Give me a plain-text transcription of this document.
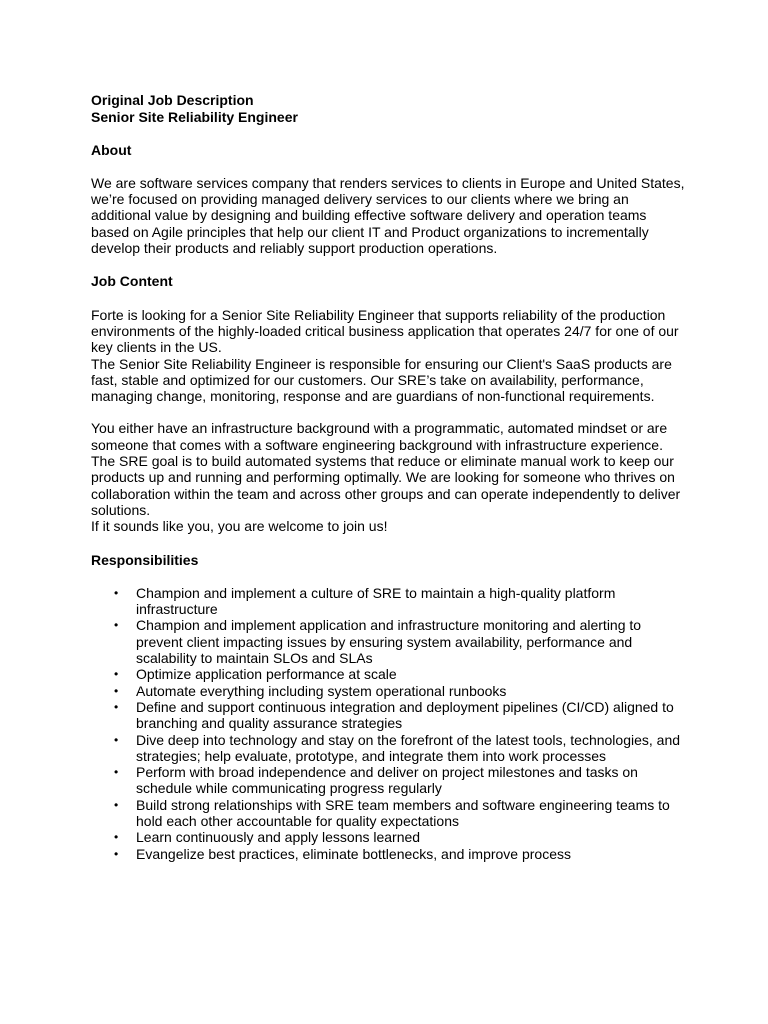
Original Job Description

Senior Site Reliability Engineer

About

We are software services company that renders services to clients in Europe and United States, we’re focused on providing managed delivery services to our clients where we bring an additional value by designing and building effective software delivery and operation teams based on Agile principles that help our client IT and Product organizations to incrementally develop their products and reliably support production operations.

Job Content

Forte is looking for a Senior Site Reliability Engineer that supports reliability of the production environments of the highly-loaded critical business application that operates 24/7 for one of our key clients in the US.

The Senior Site Reliability Engineer is responsible for ensuring our Client's SaaS products are fast, stable and optimized for our customers. Our SRE’s take on availability, performance, managing change, monitoring, response and are guardians of non-functional requirements.

You either have an infrastructure background with a programmatic, automated mindset or are someone that comes with a software engineering background with infrastructure experience.

The SRE goal is to build automated systems that reduce or eliminate manual work to keep our products up and running and performing optimally. We are looking for someone who thrives on collaboration within the team and across other groups and can operate independently to deliver solutions.

If it sounds like you, you are welcome to join us!

Responsibilities

• Champion and implement a culture of SRE to maintain a high-quality platform infrastructure
• Champion and implement application and infrastructure monitoring and alerting to prevent client impacting issues by ensuring system availability, performance and scalability to maintain SLOs and SLAs
• Optimize application performance at scale
• Automate everything including system operational runbooks
• Define and support continuous integration and deployment pipelines (CI/CD) aligned to branching and quality assurance strategies
• Dive deep into technology and stay on the forefront of the latest tools, technologies, and strategies; help evaluate, prototype, and integrate them into work processes
• Perform with broad independence and deliver on project milestones and tasks on schedule while communicating progress regularly
• Build strong relationships with SRE team members and software engineering teams to hold each other accountable for quality expectations
• Learn continuously and apply lessons learned
• Evangelize best practices, eliminate bottlenecks, and improve process
